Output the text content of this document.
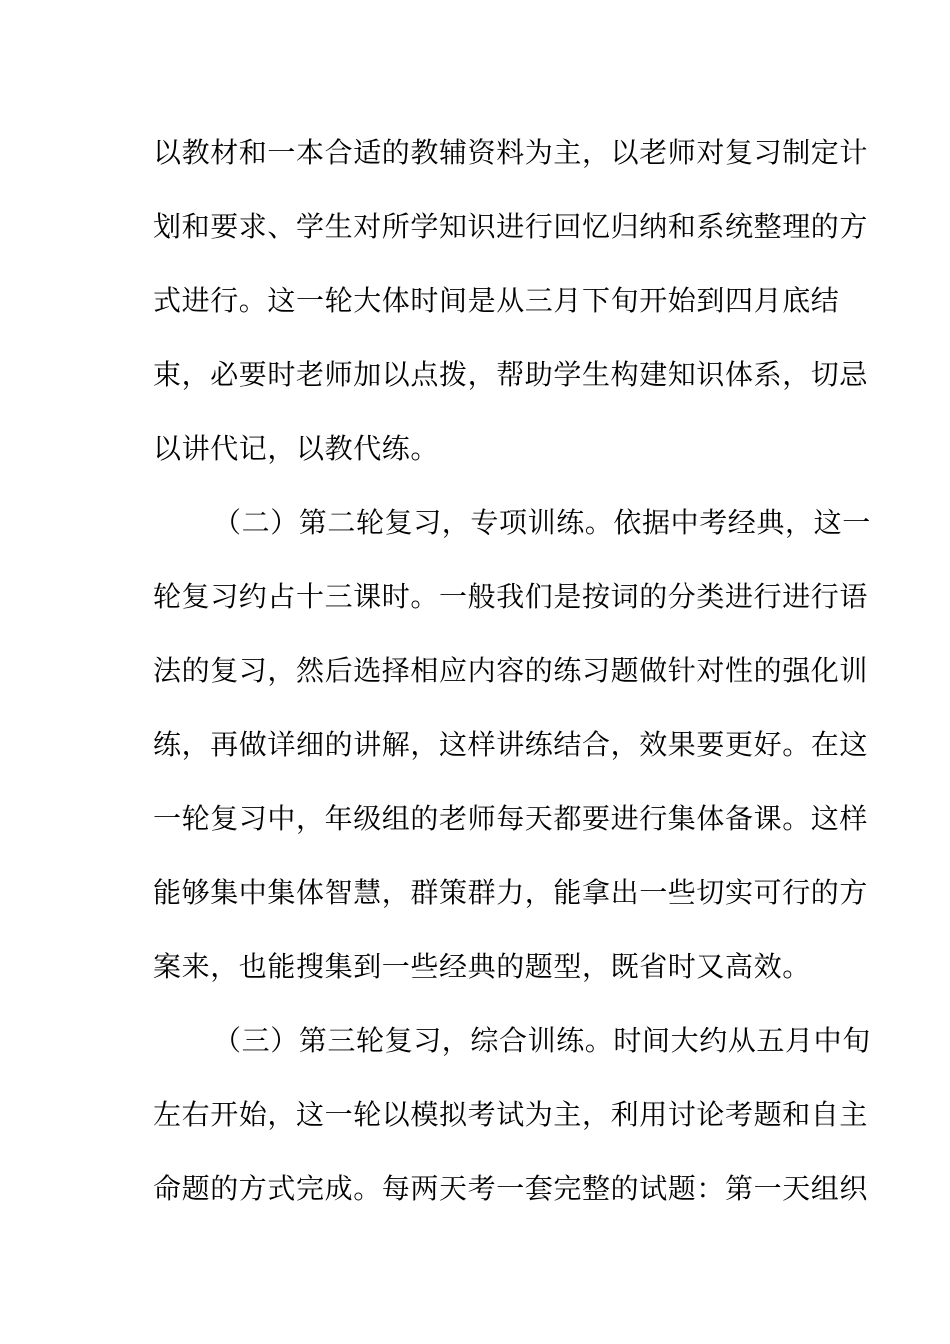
以教材和一本合适的教辅资料为主，以老师对复习制定计
划和要求、学生对所学知识进行回忆归纳和系统整理的方
式进行。这一轮大体时间是从三月下旬开始到四月底结
束，必要时老师加以点拨，帮助学生构建知识体系，切忌
以讲代记，以教代练。
（二）第二轮复习，专项训练。依据中考经典，这一
轮复习约占十三课时。一般我们是按词的分类进行进行语
法的复习，然后选择相应内容的练习题做针对性的强化训
练，再做详细的讲解，这样讲练结合，效果要更好。在这
一轮复习中，年级组的老师每天都要进行集体备课。这样
能够集中集体智慧，群策群力，能拿出一些切实可行的方
案来，也能搜集到一些经典的题型，既省时又高效。
（三）第三轮复习，综合训练。时间大约从五月中旬
左右开始，这一轮以模拟考试为主，利用讨论考题和自主
命题的方式完成。每两天考一套完整的试题：第一天组织
